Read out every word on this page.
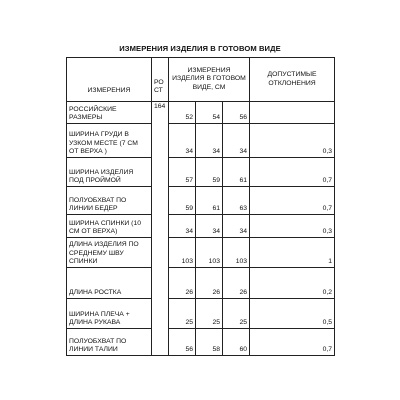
ИЗМЕРЕНИЯ ИЗДЕЛИЯ В ГОТОВОМ ВИДЕ
ИЗМЕРЕНИЯ	РОСТ	ИЗМЕРЕНИЯ ИЗДЕЛИЯ В ГОТОВОМ ВИДЕ, СМ			ДОПУСТИМЫЕ ОТКЛОНЕНИЯ
РОССИЙСКИЕ РАЗМЕРЫ	164	52	54	56	
ШИРИНА ГРУДИ В УЗКОМ МЕСТЕ (7 СМ ОТ ВЕРХА )		34	34	34	0,3
ШИРИНА ИЗДЕЛИЯ ПОД ПРОЙМОЙ		57	59	61	0,7
ПОЛУОБХВАТ ПО ЛИНИИ БЕДЕР		59	61	63	0,7
ШИРИНА СПИНКИ (10 СМ ОТ ВЕРХА)		34	34	34	0,3
ДЛИНА ИЗДЕЛИЯ ПО СРЕДНЕМУ ШВУ СПИНКИ		103	103	103	1
ДЛИНА РОСТКА		26	26	26	0,2
ШИРИНА ПЛЕЧА + ДЛИНА РУКАВА		25	25	25	0,5
ПОЛУОБХВАТ ПО ЛИНИИ ТАЛИИ		56	58	60	0,7
